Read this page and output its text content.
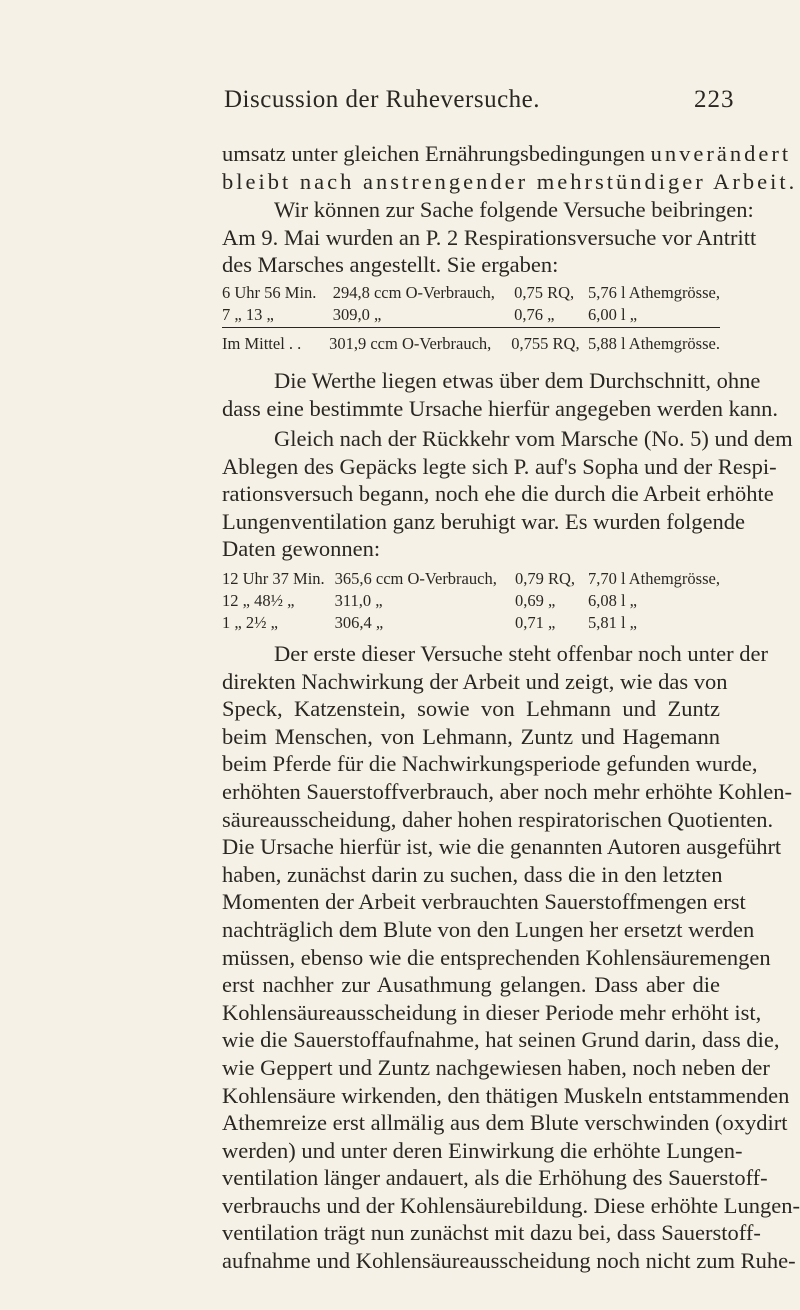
Discussion der Ruheversuche.	223
umsatz unter gleichen Ernährungsbedingungen unverändert
bleibt nach anstrengender mehrstündiger Arbeit.
Wir können zur Sache folgende Versuche beibringen:
Am 9. Mai wurden an P. 2 Respirationsversuche vor Antritt
des Marsches angestellt. Sie ergaben:
6 Uhr 56 Min.	294,8 ccm O-Verbrauch,	0,75 RQ,	5,76 l Athemgrösse,
7 „ 13 „	309,0 „	0,76 „	6,00 l „
Im Mittel . .	301,9 ccm O-Verbrauch,	0,755 RQ,	5,88 l Athemgrösse.
Die Werthe liegen etwas über dem Durchschnitt, ohne
dass eine bestimmte Ursache hierfür angegeben werden kann.
Gleich nach der Rückkehr vom Marsche (No. 5) und dem
Ablegen des Gepäcks legte sich P. auf's Sopha und der Respi-
rationsversuch begann, noch ehe die durch die Arbeit erhöhte
Lungenventilation ganz beruhigt war. Es wurden folgende
Daten gewonnen:
12 Uhr 37 Min.	365,6 ccm O-Verbrauch,	0,79 RQ,	7,70 l Athemgrösse,
12 „ 48½ „	311,0 „	0,69 „	6,08 l „
1 „ 2½ „	306,4 „	0,71 „	5,81 l „
Der erste dieser Versuche steht offenbar noch unter der
direkten Nachwirkung der Arbeit und zeigt, wie das von
Speck, Katzenstein, sowie von Lehmann und Zuntz
beim Menschen, von Lehmann, Zuntz und Hagemann
beim Pferde für die Nachwirkungsperiode gefunden wurde,
erhöhten Sauerstoffverbrauch, aber noch mehr erhöhte Kohlen-
säureausscheidung, daher hohen respiratorischen Quotienten.
Die Ursache hierfür ist, wie die genannten Autoren ausgeführt
haben, zunächst darin zu suchen, dass die in den letzten
Momenten der Arbeit verbrauchten Sauerstoffmengen erst
nachträglich dem Blute von den Lungen her ersetzt werden
müssen, ebenso wie die entsprechenden Kohlensäuremengen
erst nachher zur Ausathmung gelangen. Dass aber die
Kohlensäureausscheidung in dieser Periode mehr erhöht ist,
wie die Sauerstoffaufnahme, hat seinen Grund darin, dass die,
wie Geppert und Zuntz nachgewiesen haben, noch neben der
Kohlensäure wirkenden, den thätigen Muskeln entstammenden
Athemreize erst allmälig aus dem Blute verschwinden (oxydirt
werden) und unter deren Einwirkung die erhöhte Lungen-
ventilation länger andauert, als die Erhöhung des Sauerstoff-
verbrauchs und der Kohlensäurebildung. Diese erhöhte Lungen-
ventilation trägt nun zunächst mit dazu bei, dass Sauerstoff-
aufnahme und Kohlensäureausscheidung noch nicht zum Ruhe-
